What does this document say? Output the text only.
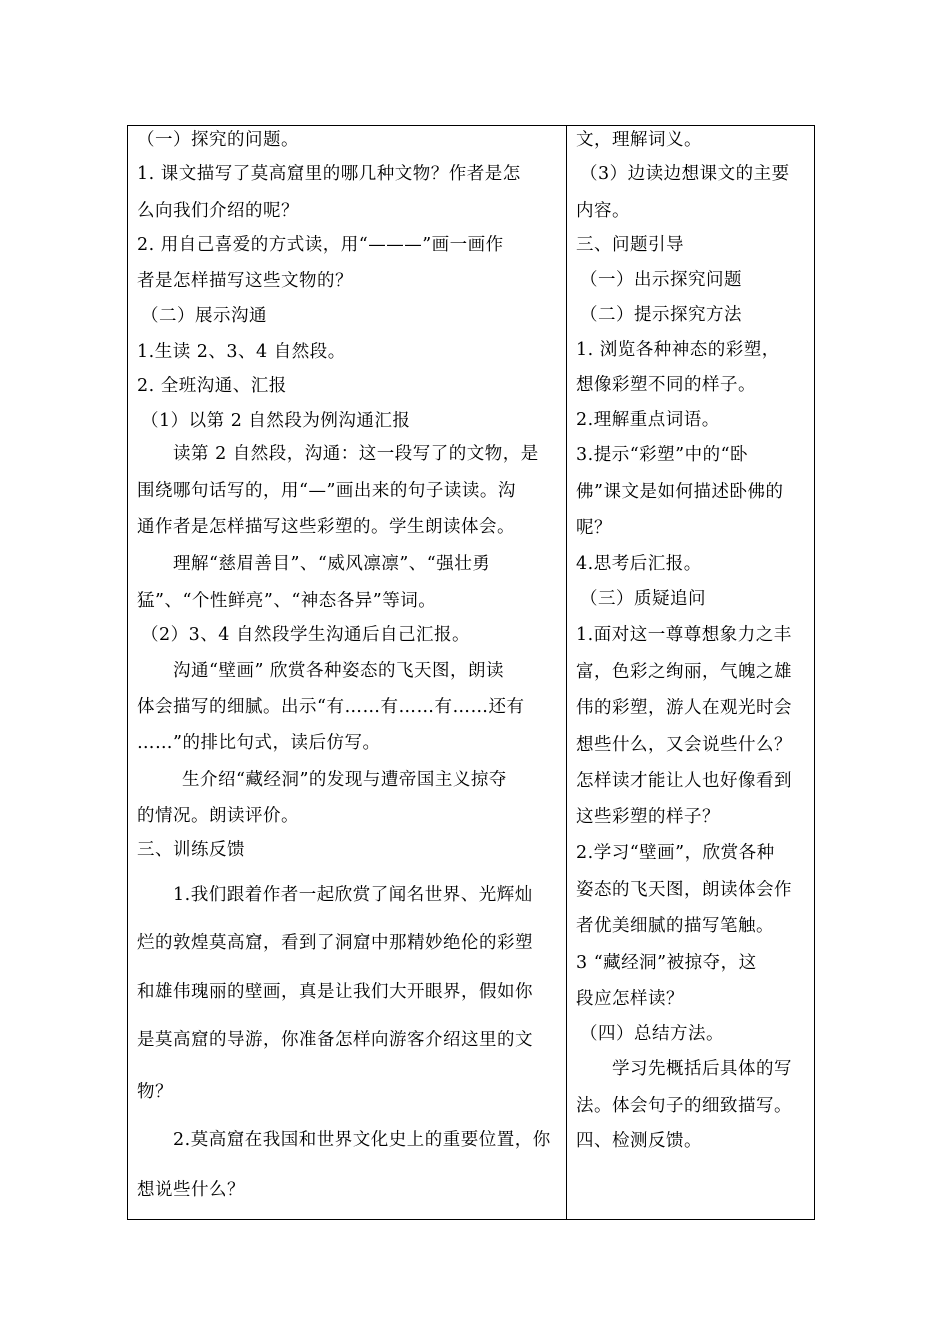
（一）探究的问题。
1. 课文描写了莫高窟里的哪几种文物？作者是怎
么向我们介绍的呢？
2. 用自己喜爱的方式读，用“———”画一画作
者是怎样描写这些文物的？
（二）展示沟通
1.生读 2、3、4 自然段。
2. 全班沟通、汇报
（1）以第 2 自然段为例沟通汇报
读第 2 自然段，沟通：这一段写了的文物，是
围绕哪句话写的，用“—”画出来的句子读读。沟
通作者是怎样描写这些彩塑的。学生朗读体会。
理解“慈眉善目”、“威风凛凛”、“强壮勇
猛”、“个性鲜亮”、“神态各异”等词。
（2）3、4 自然段学生沟通后自己汇报。
沟通“壁画” 欣赏各种姿态的飞天图，朗读
体会描写的细腻。出示“有……有……有……还有
……”的排比句式，读后仿写。
生介绍“藏经洞”的发现与遭帝国主义掠夺
的情况。朗读评价。
三、训练反馈
1.我们跟着作者一起欣赏了闻名世界、光辉灿
烂的敦煌莫高窟，看到了洞窟中那精妙绝伦的彩塑
和雄伟瑰丽的壁画，真是让我们大开眼界，假如你
是莫高窟的导游，你准备怎样向游客介绍这里的文
物？
2.莫高窟在我国和世界文化史上的重要位置，你
想说些什么？
文，理解词义。
（3）边读边想课文的主要
内容。
三、问题引导
（一）出示探究问题
（二）提示探究方法
1. 浏览各种神态的彩塑，
想像彩塑不同的样子。
2.理解重点词语。
3.提示“彩塑”中的“卧
佛”课文是如何描述卧佛的
呢？
4.思考后汇报。
（三）质疑追问
1.面对这一尊尊想象力之丰
富，色彩之绚丽，气魄之雄
伟的彩塑，游人在观光时会
想些什么，又会说些什么？
怎样读才能让人也好像看到
这些彩塑的样子？
2.学习“壁画”，欣赏各种
姿态的飞天图，朗读体会作
者优美细腻的描写笔触。
3 “藏经洞”被掠夺，这
段应怎样读？
（四）总结方法。
学习先概括后具体的写
法。体会句子的细致描写。
四、检测反馈。
